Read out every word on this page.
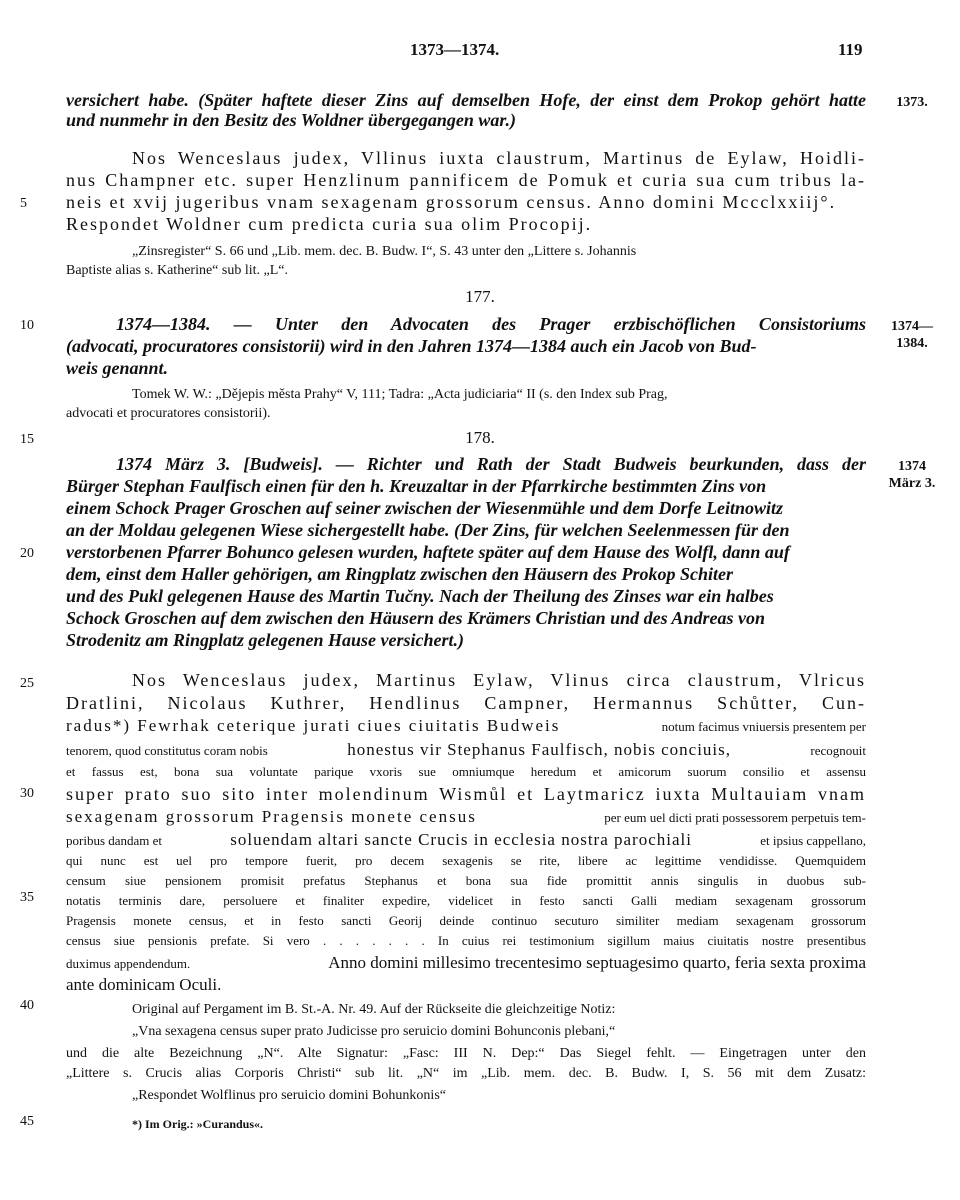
1373—1374.	119
1373.
1374—
1384.
1374
März 3.
5
10
15
20
25
30
35
40
45
versichert habe. (Später haftete dieser Zins auf demselben Hofe, der einst dem Prokop gehört hatte
und nunmehr in den Besitz des Woldner übergegangen war.)
Nos Wenceslaus judex, Vllinus iuxta claustrum, Martinus de Eylaw, Hoidli-
nus Champner etc. super Henzlinum pannificem de Pomuk et curia sua cum tribus la-
neis et xvij jugeribus vnam sexagenam grossorum census. Anno domini Mccclxxiij°.
Respondet Woldner cum predicta curia sua olim Procopij.
„Zinsregister“ S. 66 und „Lib. mem. dec. B. Budw. I“, S. 43 unter den „Littere s. Johannis
Baptiste alias s. Katherine“ sub lit. „L“.
177.
1374—1384. — Unter den Advocaten des Prager erzbischöflichen Consistoriums
(advocati, procuratores consistorii) wird in den Jahren 1374—1384 auch ein Jacob von Bud-
weis genannt.
Tomek W. W.: „Dějepis města Prahy“ V, 111; Tadra: „Acta judiciaria“ II (s. den Index sub Prag,
advocati et procuratores consistorii).
178.
1374 März 3. [Budweis]. — Richter und Rath der Stadt Budweis beurkunden, dass der
Bürger Stephan Faulfisch einen für den h. Kreuzaltar in der Pfarrkirche bestimmten Zins von
einem Schock Prager Groschen auf seiner zwischen der Wiesenmühle und dem Dorfe Leitnowitz
an der Moldau gelegenen Wiese sichergestellt habe. (Der Zins, für welchen Seelenmessen für den
verstorbenen Pfarrer Bohunco gelesen wurden, haftete später auf dem Hause des Wolfl, dann auf
dem, einst dem Haller gehörigen, am Ringplatz zwischen den Häusern des Prokop Schiter
und des Pukl gelegenen Hause des Martin Tučny. Nach der Theilung des Zinses war ein halbes
Schock Groschen auf dem zwischen den Häusern des Krämers Christian und des Andreas von
Strodenitz am Ringplatz gelegenen Hause versichert.)
Nos Wenceslaus judex, Martinus Eylaw, Vlinus circa claustrum, Vlricus
Dratlini, Nicolaus Kuthrer, Hendlinus Campner, Hermannus Schůtter, Cun-
radus*) Fewrhak ceterique jurati ciues ciuitatis Budweis	notum facimus vniuersis presentem per
tenorem, quod constitutus coram nobis	honestus vir Stephanus Faulfisch, nobis conciuis,	recognouit
et fassus est, bona sua voluntate parique vxoris sue omniumque heredum et amicorum suorum consilio et assensu
super prato suo sito inter molendinum Wismůl et Laytmaricz iuxta Multauiam vnam
sexagenam grossorum Pragensis monete census	per eum uel dicti prati possessorem perpetuis tem-
poribus dandam et	soluendam altari sancte Crucis in ecclesia nostra parochiali	et ipsius cappellano,
qui nunc est uel pro tempore fuerit, pro decem sexagenis se rite, libere ac legittime vendidisse. Quemquidem
censum siue pensionem promisit prefatus Stephanus et bona sua fide promittit annis singulis in duobus sub-
notatis terminis dare, persoluere et finaliter expedire, videlicet in festo sancti Galli mediam sexagenam grossorum
Pragensis monete census, et in festo sancti Georij deinde continuo secuturo similiter mediam sexagenam grossorum
census siue pensionis prefate. Si vero . . . . . . . In cuius rei testimonium sigillum maius ciuitatis nostre presentibus
duximus appendendum.	Anno domini millesimo trecentesimo septuagesimo quarto, feria sexta proxima
ante dominicam Oculi.
Original auf Pergament im B. St.-A. Nr. 49. Auf der Rückseite die gleichzeitige Notiz:
„Vna sexagena census super prato Judicisse pro seruicio domini Bohunconis plebani,“
und die alte Bezeichnung „N“. Alte Signatur: „Fasc: III N. Dep:“ Das Siegel fehlt. — Eingetragen unter den
„Littere s. Crucis alias Corporis Christi“ sub lit. „N“ im „Lib. mem. dec. B. Budw. I, S. 56 mit dem Zusatz:
„Respondet Wolflinus pro seruicio domini Bohunkonis“
*) Im Orig.: »Curandus«.
